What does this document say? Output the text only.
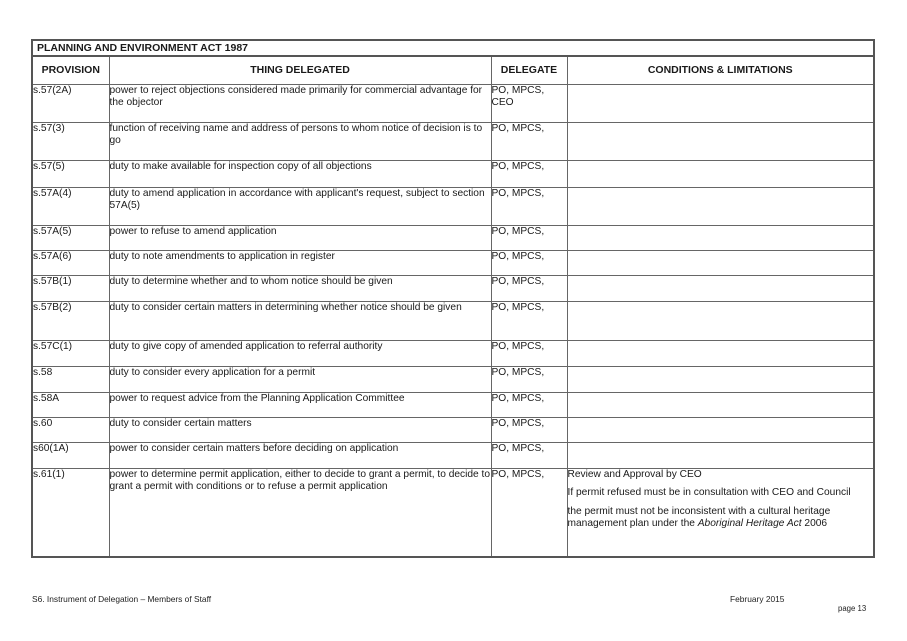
PLANNING AND ENVIRONMENT ACT 1987			
PROVISION	THING DELEGATED	DELEGATE	CONDITIONS & LIMITATIONS
s.57(2A)	power to reject objections considered made primarily for commercial advantage for the objector	PO, MPCS, CEO	
s.57(3)	function of receiving name and address of persons to whom notice of decision is to go	PO, MPCS,	
s.57(5)	duty to make available for inspection copy of all objections	PO, MPCS,	
s.57A(4)	duty to amend application in accordance with applicant's request, subject to section 57A(5)	PO, MPCS,	
s.57A(5)	power to refuse to amend application	PO, MPCS,	
s.57A(6)	duty to note amendments to application in register	PO, MPCS,	
s.57B(1)	duty to determine whether and to whom notice should be given	PO, MPCS,	
s.57B(2)	duty to consider certain matters in determining whether notice should be given	PO, MPCS,	
s.57C(1)	duty to give copy of amended application to referral authority	PO, MPCS,	
s.58	duty to consider every application for a permit	PO, MPCS,	
s.58A	power to request advice from the Planning Application Committee	PO, MPCS,	
s.60	duty to consider certain matters	PO, MPCS,	
s60(1A)	power to consider certain matters before deciding on application	PO, MPCS,	
s.61(1)	power to determine permit application, either to decide to grant a permit, to decide to grant a permit with conditions or to refuse a permit application	PO, MPCS,	Review and Approval by CEO

If permit refused must be in consultation with CEO and Council

the permit must not be inconsistent with a cultural heritage management plan under the Aboriginal Heritage Act 2006

S6. Instrument of Delegation – Members of Staff	February 2015
page 13
